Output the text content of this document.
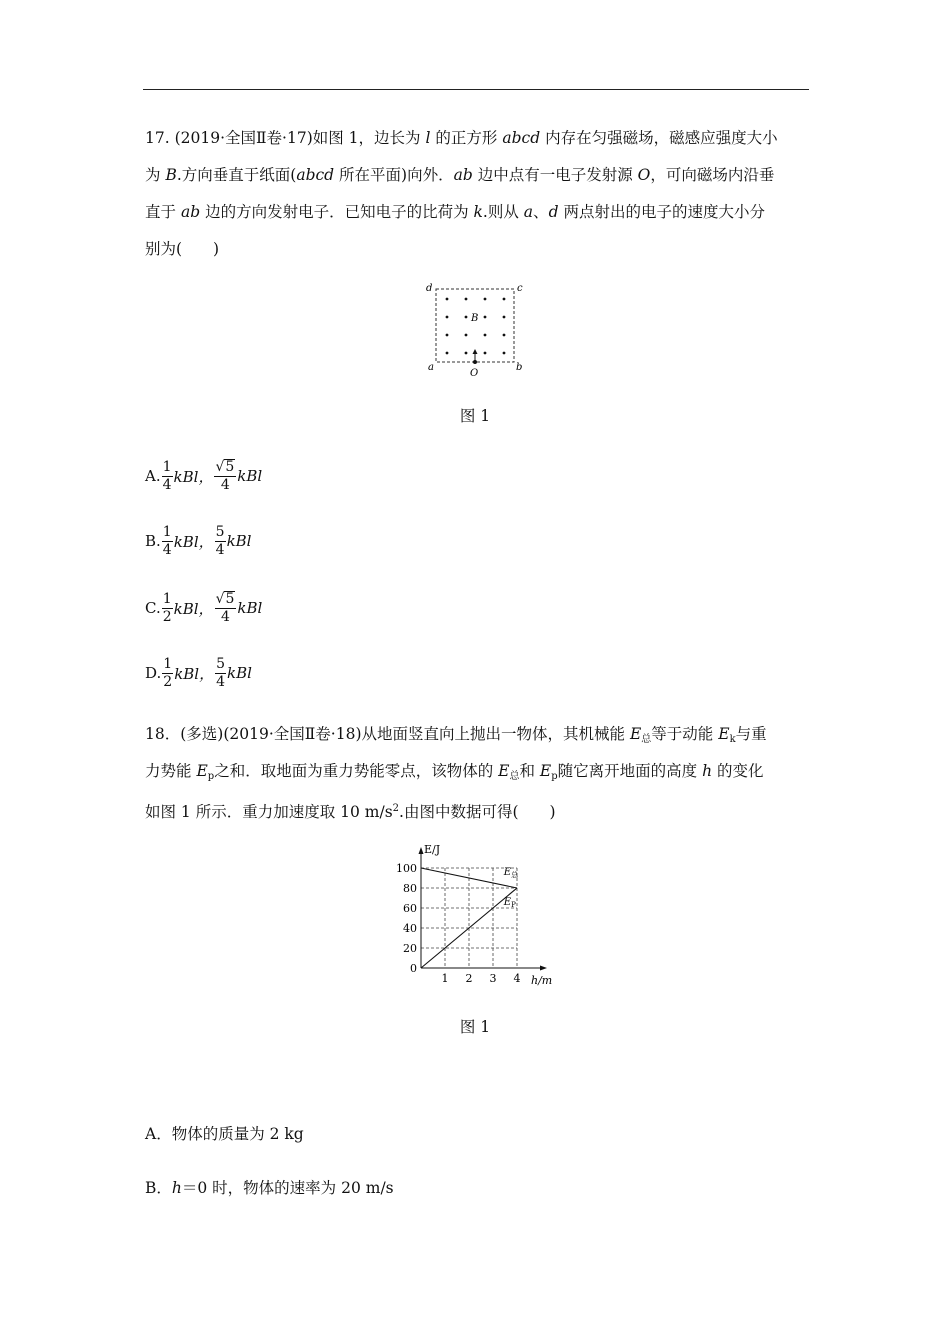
17. (2019·全国Ⅱ卷·17)如图 1，边长为 l 的正方形 abcd 内存在匀强磁场，磁感应强度大小
为 B.方向垂直于纸面(abcd 所在平面)向外．ab 边中点有一电子发射源 O，可向磁场内沿垂
直于 ab 边的方向发射电子．已知电子的比荷为 k.则从 a、d 两点射出的电子的速度大小分
别为(　　)
d	c
a	b
B
O
图 1
A. $\frac{1}{4}$ kBl， $\frac{√ 5}{4}$ kBl
B. $\frac{1}{4}$ kBl， $\frac{5}{4}$ kBl
C. $\frac{1}{2}$ kBl， $\frac{√ 5}{4}$ kBl
D. $\frac{1}{2}$ kBl， $\frac{5}{4}$ kBl
18．(多选)(2019·全国Ⅱ卷·18)从地面竖直向上抛出一物体，其机械能 $E_总$等于动能 $E_k$与重
力势能 $E_p$之和．取地面为重力势能零点，该物体的 $E_总$和 $E_p$随它离开地面的高度 h 的变化
如图 1 所示．重力加速度取 10 $m/s^2$.由图中数据可得(　　)
0
20
40
60
80
100
1 2 3 4
E/J
h/m
$E_总$
$E_P$
图 1
A．物体的质量为 2 kg
B．h＝0 时，物体的速率为 20 m/s
